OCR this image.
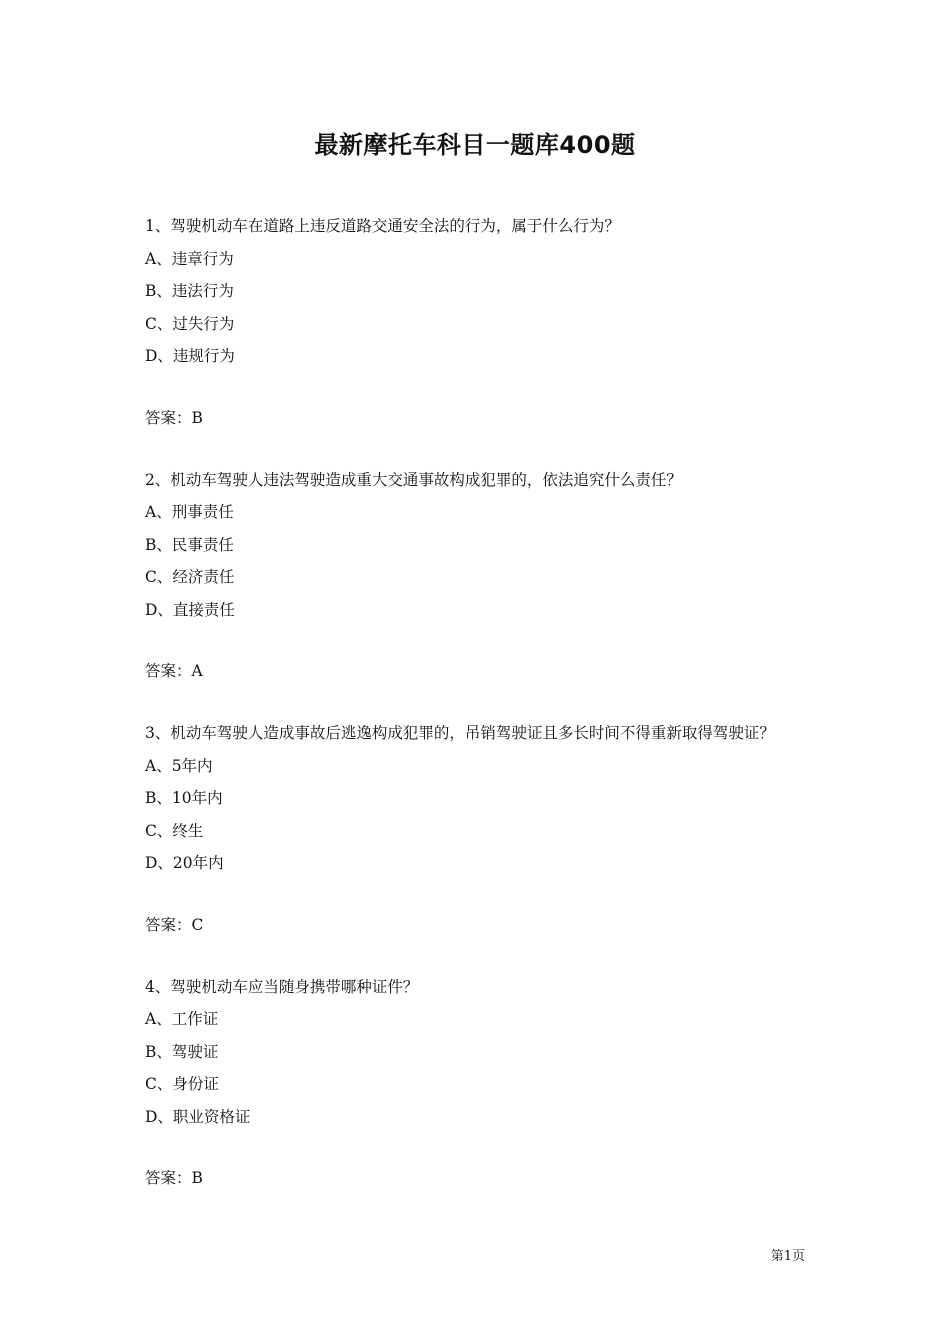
最新摩托车科目一题库400题
1、驾驶机动车在道路上违反道路交通安全法的行为，属于什么行为？
A、违章行为
B、违法行为
C、过失行为
D、违规行为
答案：B
2、机动车驾驶人违法驾驶造成重大交通事故构成犯罪的，依法追究什么责任？
A、刑事责任
B、民事责任
C、经济责任
D、直接责任
答案：A
3、机动车驾驶人造成事故后逃逸构成犯罪的，吊销驾驶证且多长时间不得重新取得驾驶证？
A、5年内
B、10年内
C、终生
D、20年内
答案：C
4、驾驶机动车应当随身携带哪种证件？
A、工作证
B、驾驶证
C、身份证
D、职业资格证
答案：B
第1页
